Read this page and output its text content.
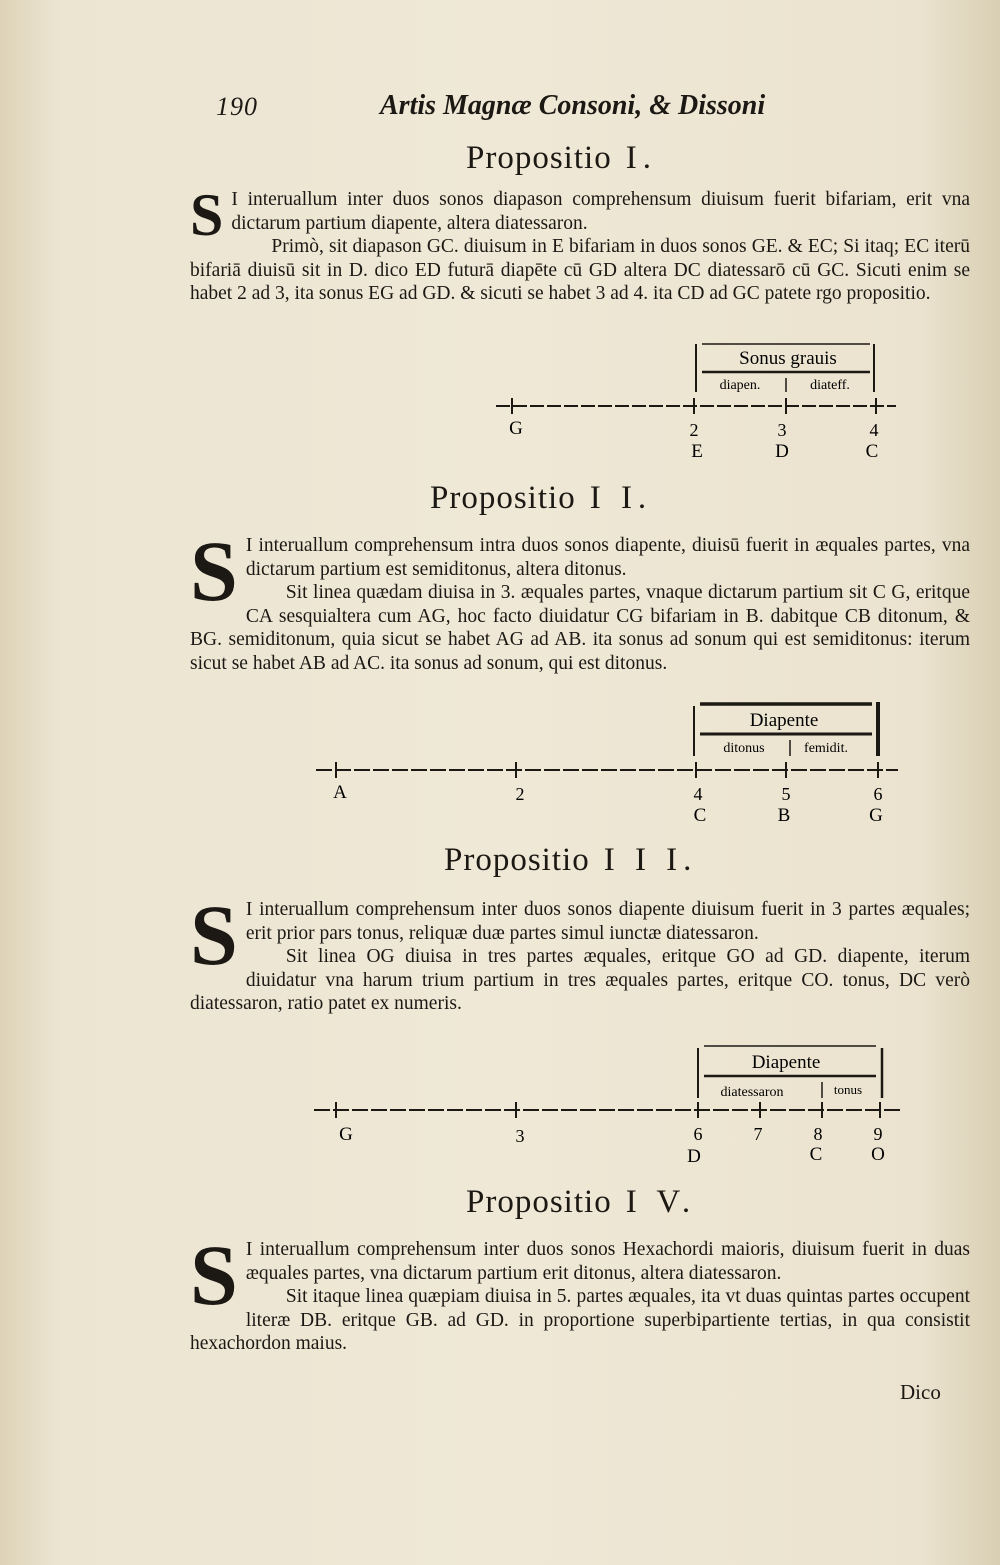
190	Artis Magnæ Consoni, & Dissoni
Propositio I.
S I interuallum inter duos sonos diapason comprehensum diuisum fuerit bifariam, erit vna dictarum partium diapente, altera diatessaron.

Primò, sit diapason GC. diuisum in E bifariam in duos sonos GE. & EC; Si itaq; EC iterū bifariā diuisū sit in D. dico ED futurā diapēte cū GD altera DC diatessarō cū GC. Sicuti enim se habet 2 ad 3, ita sonus EG ad GD. & sicuti se habet 3 ad 4. ita CD ad GC patete rgo propositio.

Propositio I I.
S I interuallum comprehensum intra duos sonos diapente, diuisū fuerit in æquales partes, vna dictarum partium est semiditonus, altera ditonus.

Sit linea quædam diuisa in 3. æquales partes, vnaque dictarum partium sit C G, eritque CA sesquialtera cum AG, hoc facto diuidatur CG bifariam in B. dabitque CB ditonum, & BG. semiditonum, quia sicut se habet AG ad AB. ita sonus ad sonum qui est semiditonus: iterum sicut se habet AB ad AC. ita sonus ad sonum, qui est ditonus.

Propositio I I I.
S I interuallum comprehensum inter duos sonos diapente diuisum fuerit in 3 partes æquales; erit prior pars tonus, reliquæ duæ partes simul iunctæ diatessaron.

Sit linea OG diuisa in tres partes æquales, eritque GO ad GD. diapente, iterum diuidatur vna harum trium partium in tres æquales partes, eritque CO. tonus, DC verò diatessaron, ratio patet ex numeris.

Propositio I V.
S I interuallum comprehensum inter duos sonos Hexachordi maioris, diuisum fuerit in duas æquales partes, vna dictarum partium erit ditonus, altera diatessaron.

Sit itaque linea quæpiam diuisa in 5. partes æquales, ita vt duas quintas partes occupent literæ DB. eritque GB. ad GD. in proportione superbipartiente tertias, in qua consistit hexachordon maius.

Dico
Sonus grauis
diapen.	diateff.
2	3	4
G
E	D	C
Diapente
ditonus	femidit.
2	4	5	6
A
C	B	G
Diapente
diatessaron	tonus
3	6	7	8	9
G
D	C	O
